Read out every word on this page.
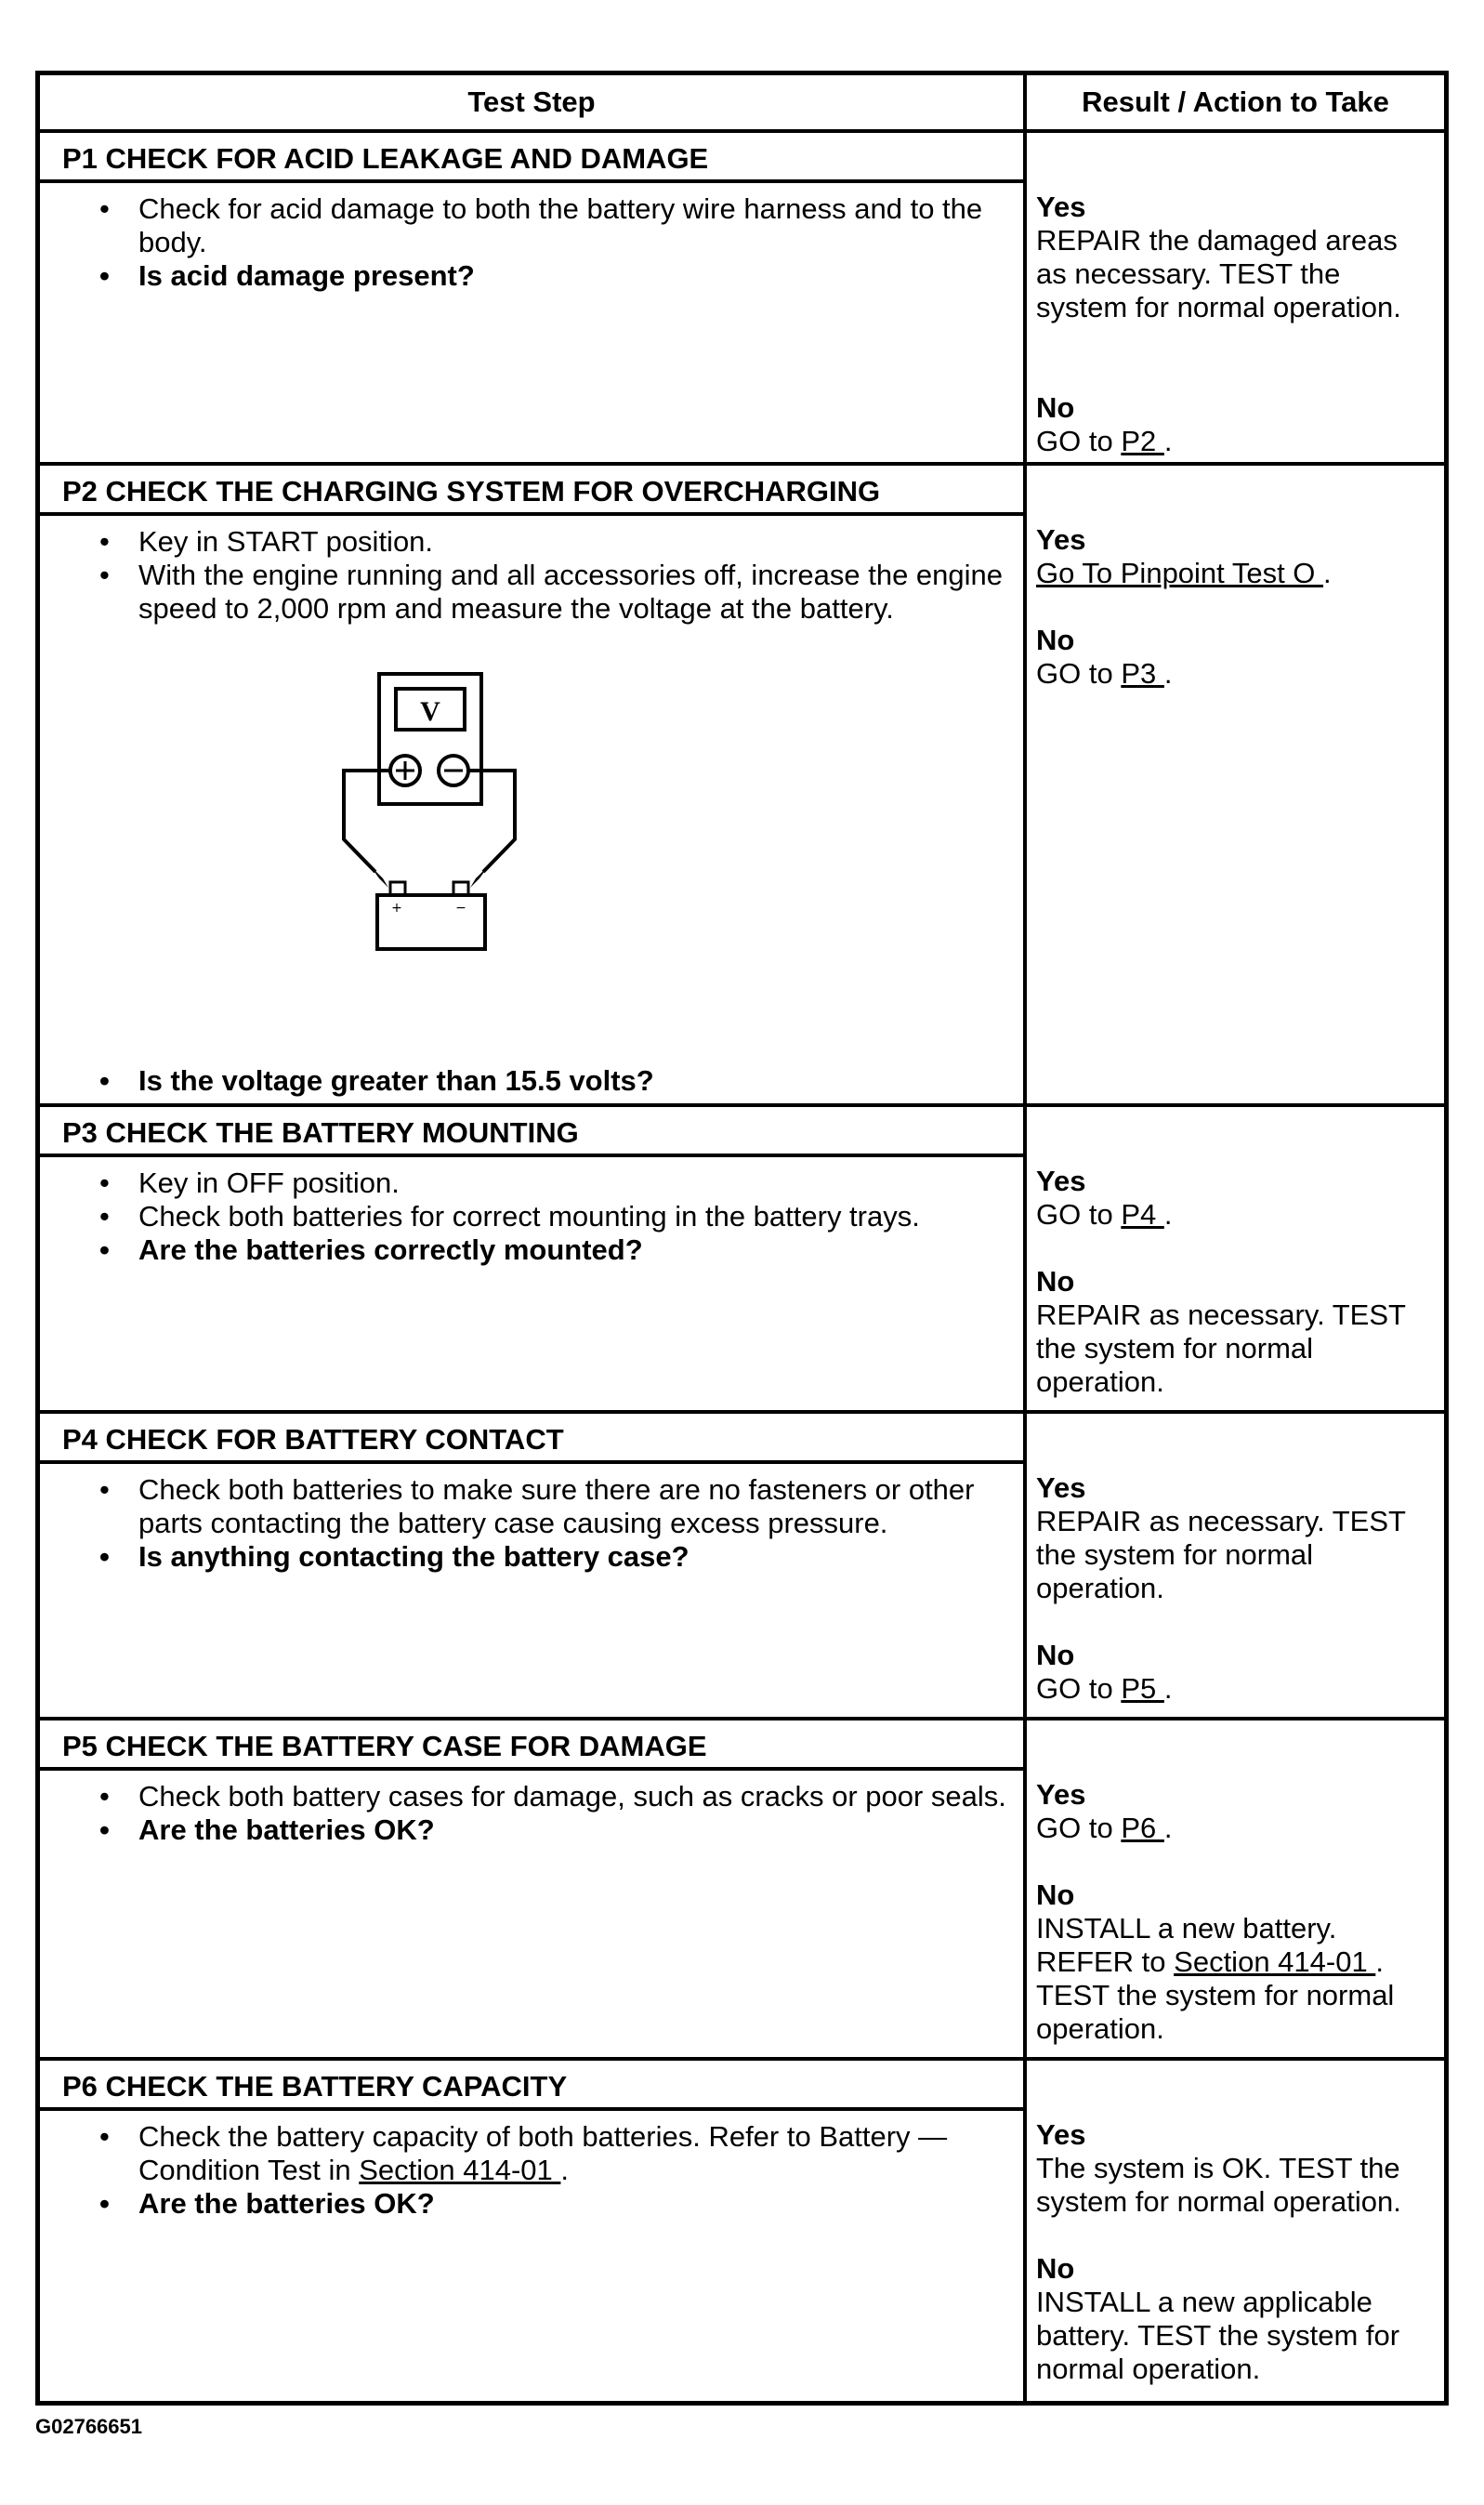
Test Step	Result / Action to Take
P1 CHECK FOR ACID LEAKAGE AND DAMAGE
• Check for acid damage to both the battery wire harness and to the body.
• Is acid damage present?
Yes
REPAIR the damaged areas as necessary. TEST the system for normal operation.
No
GO to P2 .
P2 CHECK THE CHARGING SYSTEM FOR OVERCHARGING
• Key in START position.
• With the engine running and all accessories off, increase the engine speed to 2,000 rpm and measure the voltage at the battery.
V
+	−
• Is the voltage greater than 15.5 volts?
Yes
Go To Pinpoint Test O .
No
GO to P3 .
P3 CHECK THE BATTERY MOUNTING
• Key in OFF position.
• Check both batteries for correct mounting in the battery trays.
• Are the batteries correctly mounted?
Yes
GO to P4 .
No
REPAIR as necessary. TEST the system for normal operation.
P4 CHECK FOR BATTERY CONTACT
• Check both batteries to make sure there are no fasteners or other parts contacting the battery case causing excess pressure.
• Is anything contacting the battery case?
Yes
REPAIR as necessary. TEST the system for normal operation.
No
GO to P5 .
P5 CHECK THE BATTERY CASE FOR DAMAGE
• Check both battery cases for damage, such as cracks or poor seals.
• Are the batteries OK?
Yes
GO to P6 .
No
INSTALL a new battery. REFER to Section 414-01 . TEST the system for normal operation.
P6 CHECK THE BATTERY CAPACITY
• Check the battery capacity of both batteries. Refer to Battery — Condition Test in Section 414-01 .
• Are the batteries OK?
Yes
The system is OK. TEST the system for normal operation.
No
INSTALL a new applicable battery. TEST the system for normal operation.
G02766651
